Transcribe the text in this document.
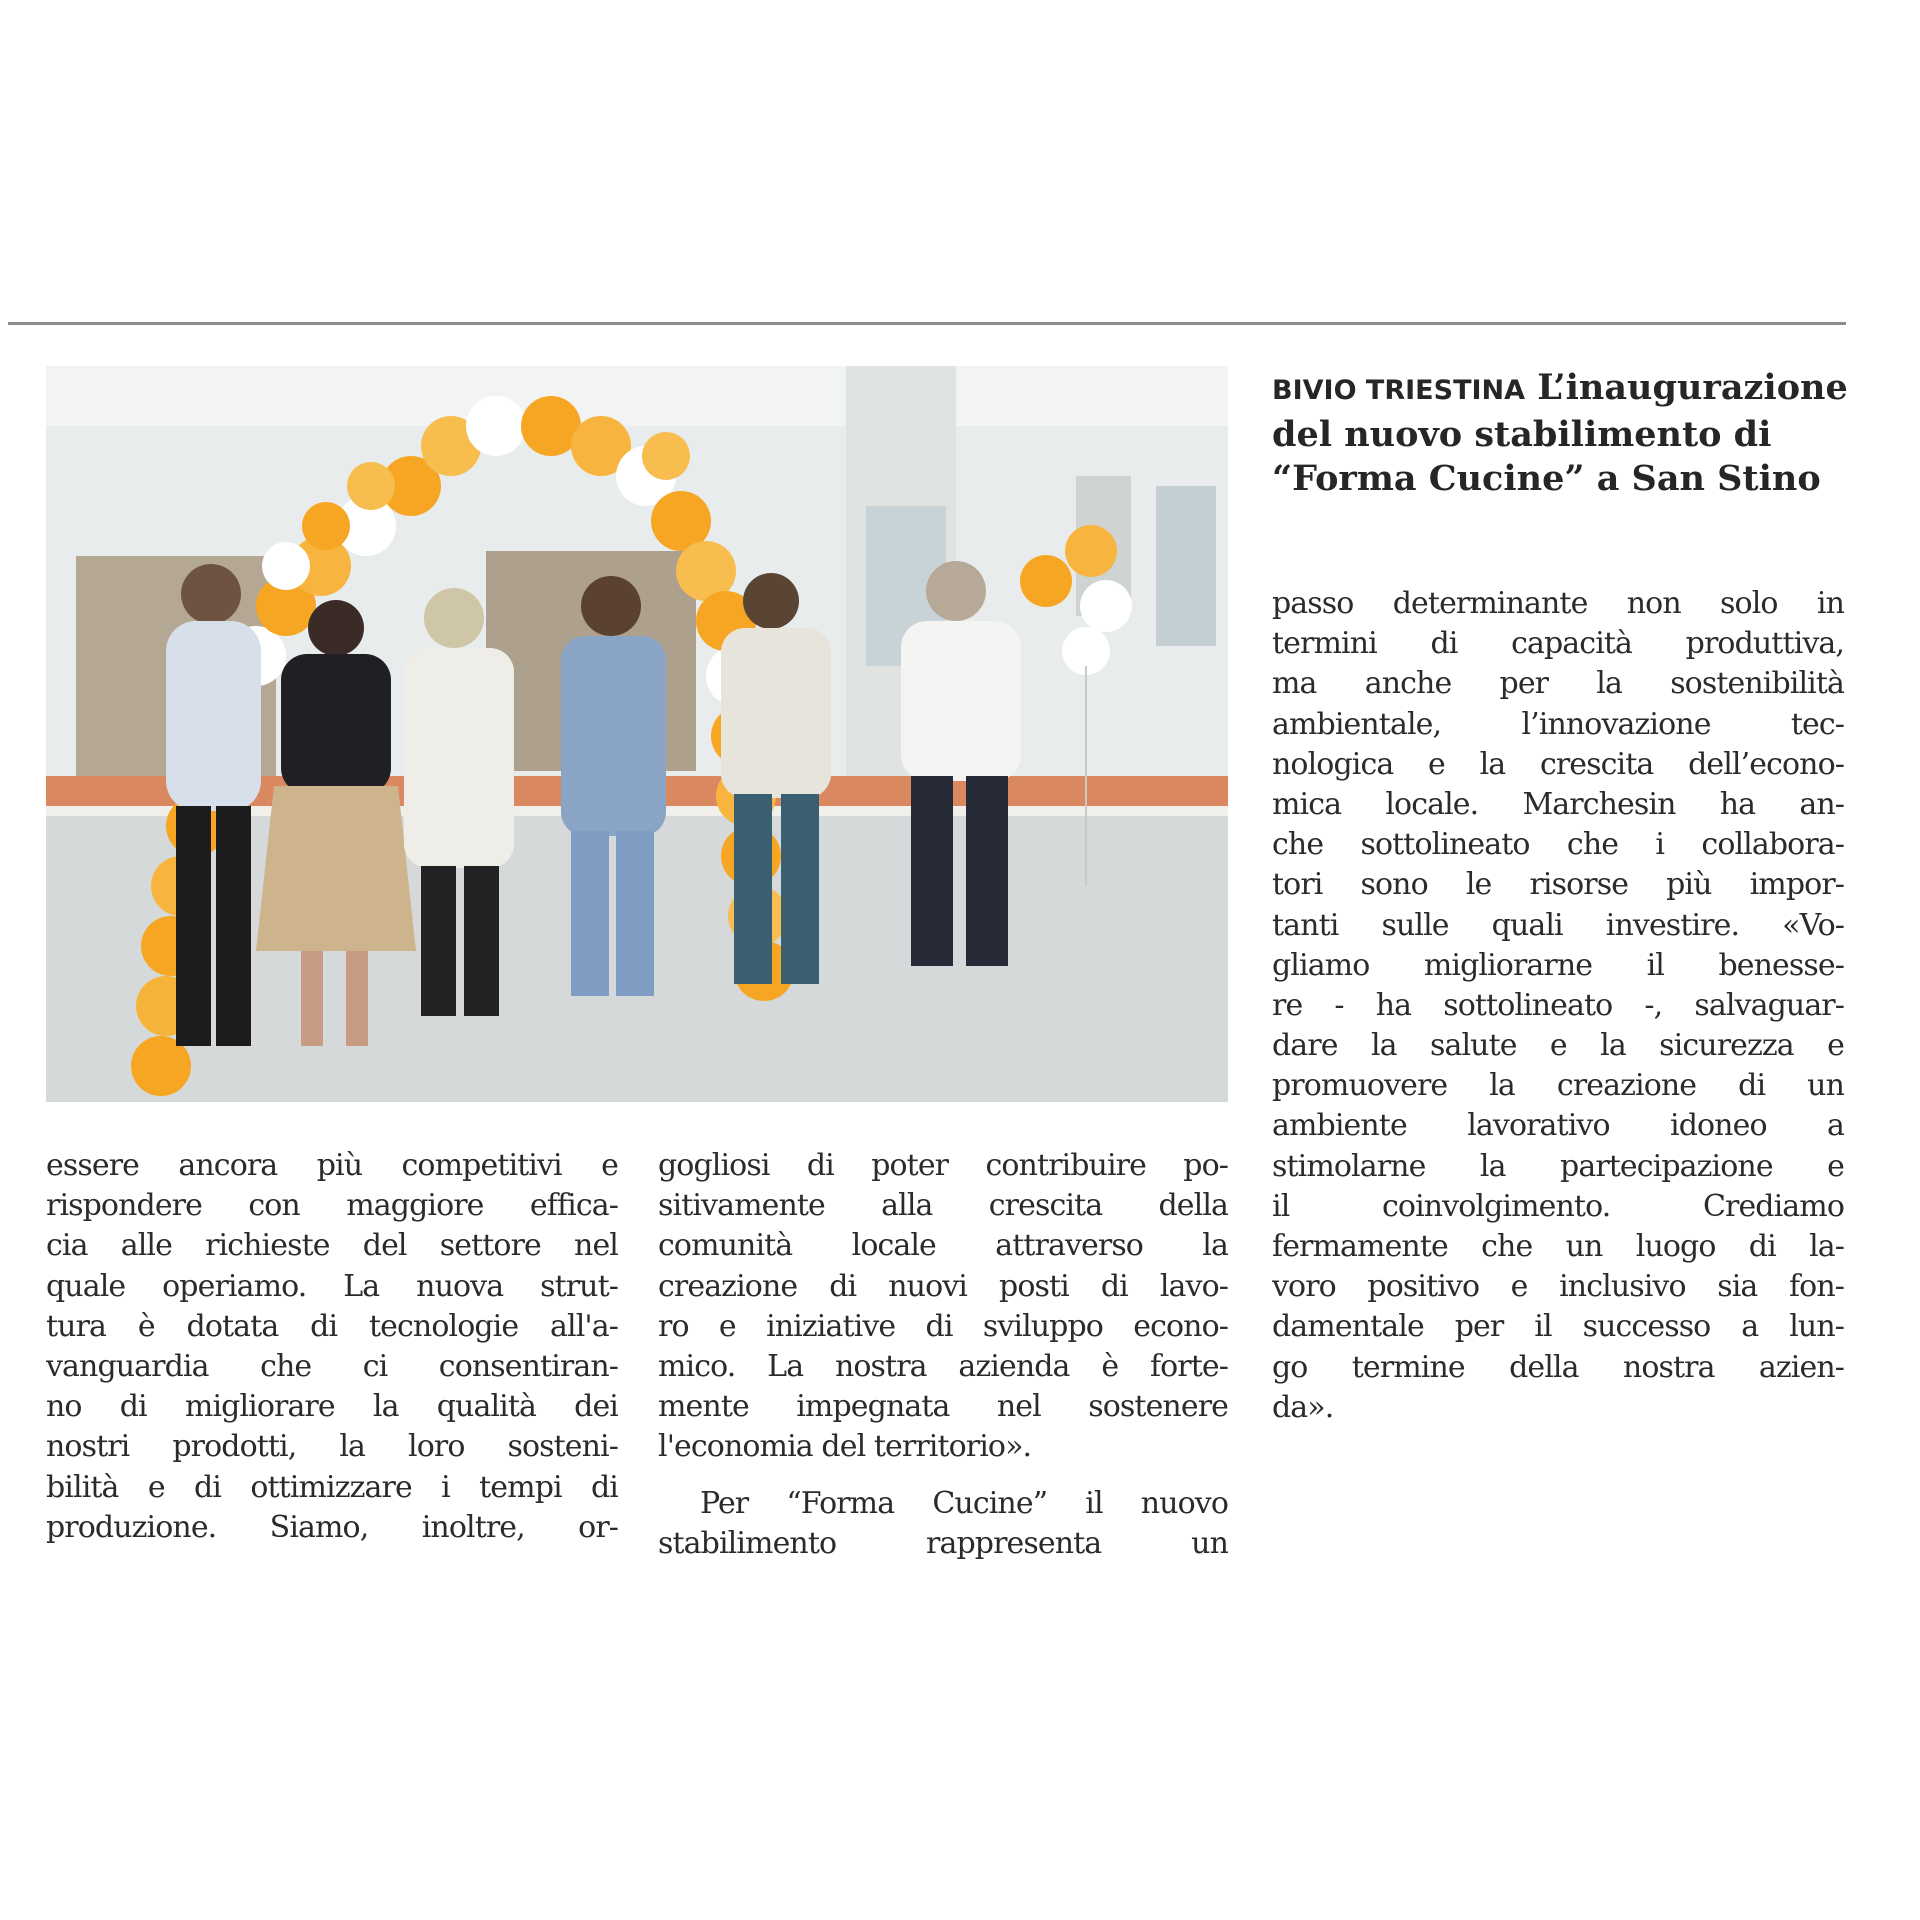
BIVIO TRIESTINA L’inaugurazione
del nuovo stabilimento di
“Forma Cucine” a San Stino
essere ancora più competitivi e
rispondere con maggiore effica-
cia alle richieste del settore nel
quale operiamo. La nuova strut-
tura è dotata di tecnologie all'a-
vanguardia che ci consentiran-
no di migliorare la qualità dei
nostri prodotti, la loro sosteni-
bilità e di ottimizzare i tempi di
produzione. Siamo, inoltre, or-
gogliosi di poter contribuire po-
sitivamente alla crescita della
comunità locale attraverso la
creazione di nuovi posti di lavo-
ro e iniziative di sviluppo econo-
mico. La nostra azienda è forte-
mente impegnata nel sostenere
l'economia del territorio».
Per “Forma Cucine” il nuovo
stabilimento rappresenta un
passo determinante non solo in
termini di capacità produttiva,
ma anche per la sostenibilità
ambientale, l’innovazione tec-
nologica e la crescita dell’econo-
mica locale. Marchesin ha an-
che sottolineato che i collabora-
tori sono le risorse più impor-
tanti sulle quali investire. «Vo-
gliamo migliorarne il benesse-
re - ha sottolineato -, salvaguar-
dare la salute e la sicurezza e
promuovere la creazione di un
ambiente lavorativo idoneo a
stimolarne la partecipazione e
il coinvolgimento. Crediamo
fermamente che un luogo di la-
voro positivo e inclusivo sia fon-
damentale per il successo a lun-
go termine della nostra azien-
da».
